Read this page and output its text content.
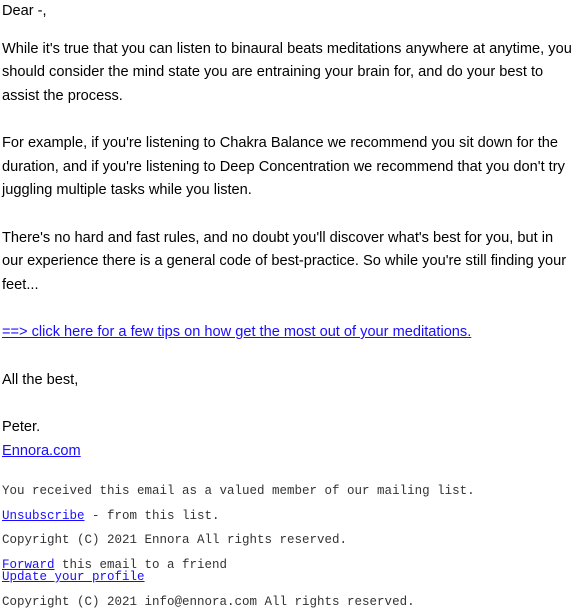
Dear -,

While it's true that you can listen to binaural beats meditations anywhere at anytime, you should consider the mind state you are entraining your brain for, and do your best to assist the process.

For example, if you're listening to Chakra Balance we recommend you sit down for the duration, and if you're listening to Deep Concentration we recommend that you don't try juggling multiple tasks while you listen.

There's no hard and fast rules, and no doubt you'll discover what's best for you, but in our experience there is a general code of best-practice. So while you're still finding your feet...

==> click here for a few tips on how get the most out of your meditations.

All the best,

Peter.

Ennora.com

You received this email as a valued member of our mailing list.

Unsubscribe - from this list.

Copyright (C) 2021 Ennora All rights reserved.

Forward this email to a friend

Update your profile

Copyright (C) 2021 info@ennora.com All rights reserved.
